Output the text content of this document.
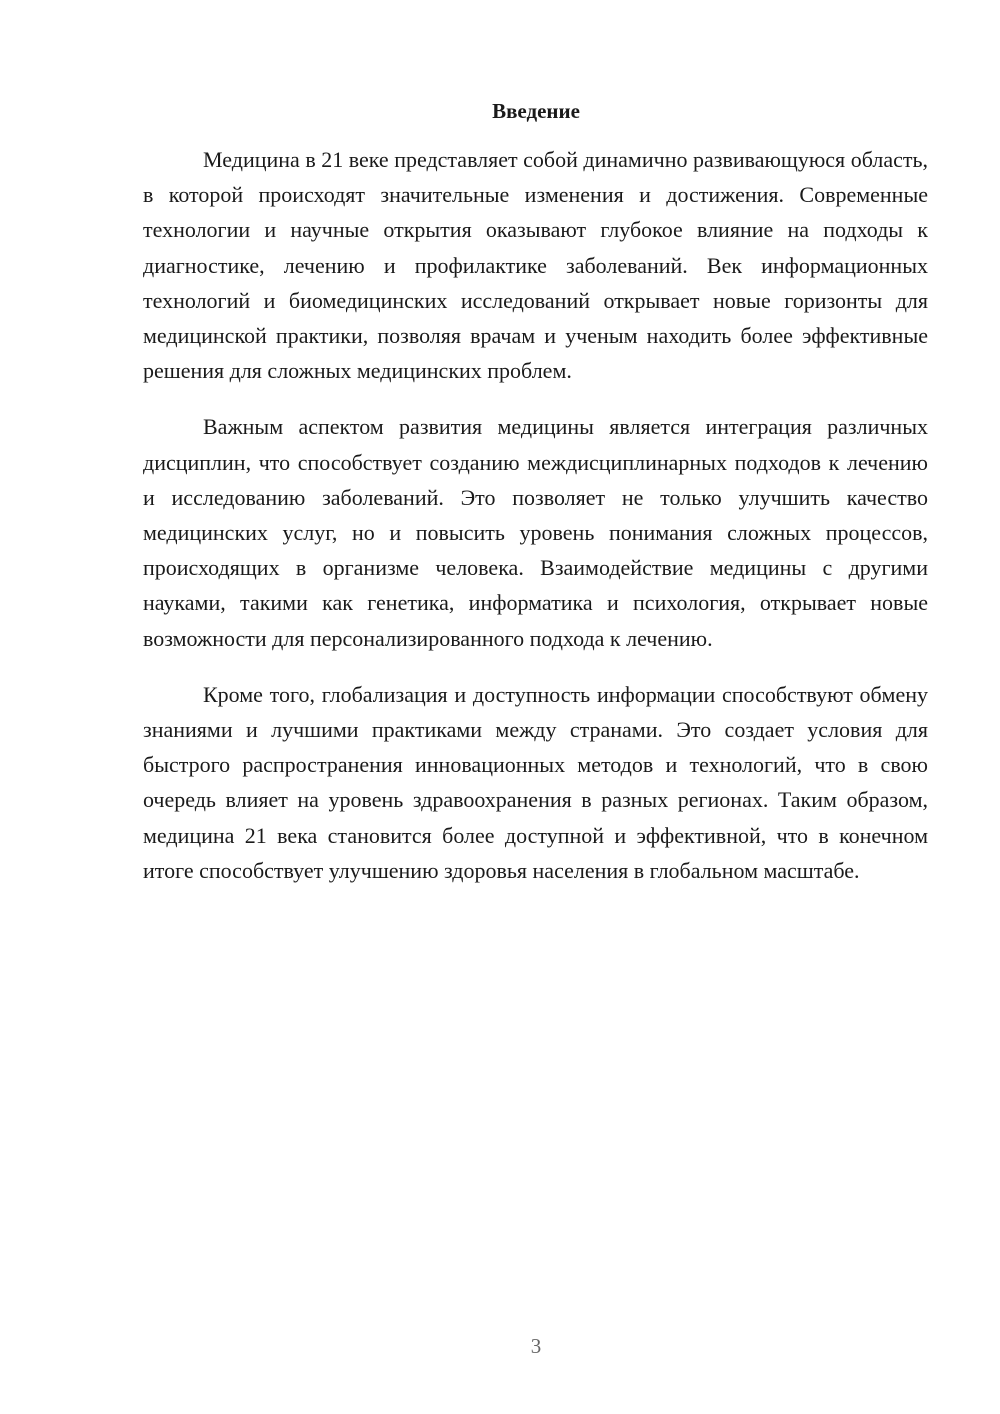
Введение

Медицина в 21 веке представляет собой динамично развивающуюся область, в которой происходят значительные изменения и достижения. Современные технологии и научные открытия оказывают глубокое влияние на подходы к диагностике, лечению и профилактике заболеваний. Век информационных технологий и биомедицинских исследований открывает новые горизонты для медицинской практики, позволяя врачам и ученым находить более эффективные решения для сложных медицинских проблем.

Важным аспектом развития медицины является интеграция различных дисциплин, что способствует созданию междисциплинарных подходов к лечению и исследованию заболеваний. Это позволяет не только улучшить качество медицинских услуг, но и повысить уровень понимания сложных процессов, происходящих в организме человека. Взаимодействие медицины с другими науками, такими как генетика, информатика и психология, открывает новые возможности для персонализированного подхода к лечению.

Кроме того, глобализация и доступность информации способствуют обмену знаниями и лучшими практиками между странами. Это создает условия для быстрого распространения инновационных методов и технологий, что в свою очередь влияет на уровень здравоохранения в разных регионах. Таким образом, медицина 21 века становится более доступной и эффективной, что в конечном итоге способствует улучшению здоровья населения в глобальном масштабе.

3
